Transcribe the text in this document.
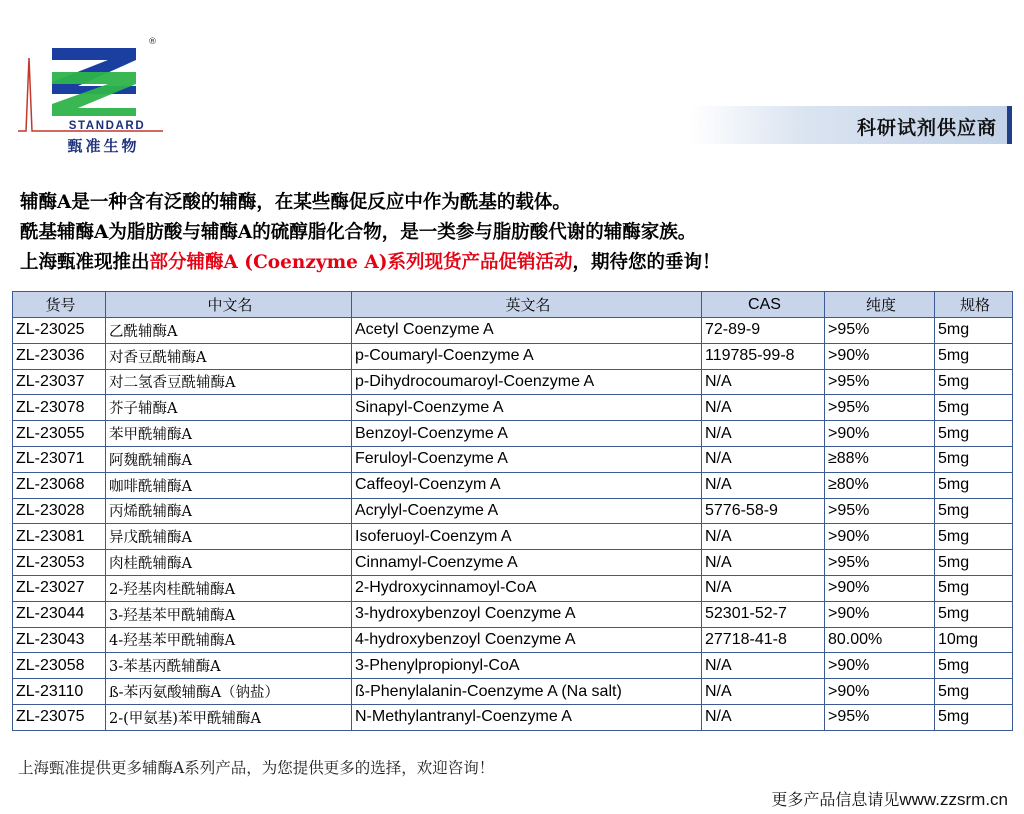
®
STANDARD
甄准生物
科研试剂供应商
辅酶A是一种含有泛酸的辅酶，在某些酶促反应中作为酰基的载体。
酰基辅酶A为脂肪酸与辅酶A的硫醇脂化合物，是一类参与脂肪酸代谢的辅酶家族。
上海甄准现推出部分辅酶A (Coenzyme A)系列现货产品促销活动，期待您的垂询！
货号	中文名	英文名	CAS	纯度	规格
ZL-23025	乙酰辅酶A	Acetyl Coenzyme A	72-89-9	>95%	5mg
ZL-23036	对香豆酰辅酶A	p-Coumaryl-Coenzyme A	119785-99-8	>90%	5mg
ZL-23037	对二氢香豆酰辅酶A	p-Dihydrocoumaroyl-Coenzyme A	N/A	>95%	5mg
ZL-23078	芥子辅酶A	Sinapyl-Coenzyme A	N/A	>95%	5mg
ZL-23055	苯甲酰辅酶A	Benzoyl-Coenzyme A	N/A	>90%	5mg
ZL-23071	阿魏酰辅酶A	Feruloyl-Coenzyme A	N/A	≥88%	5mg
ZL-23068	咖啡酰辅酶A	Caffeoyl-Coenzym A	N/A	≥80%	5mg
ZL-23028	丙烯酰辅酶A	Acrylyl-Coenzyme A	5776-58-9	>95%	5mg
ZL-23081	异戊酰辅酶A	Isoferuoyl-Coenzym A	N/A	>90%	5mg
ZL-23053	肉桂酰辅酶A	Cinnamyl-Coenzyme A	N/A	>95%	5mg
ZL-23027	2-羟基肉桂酰辅酶A	2-Hydroxycinnamoyl-CoA	N/A	>90%	5mg
ZL-23044	3-羟基苯甲酰辅酶A	3-hydroxybenzoyl Coenzyme A	52301-52-7	>90%	5mg
ZL-23043	4-羟基苯甲酰辅酶A	4-hydroxybenzoyl Coenzyme A	27718-41-8	80.00%	10mg
ZL-23058	3-苯基丙酰辅酶A	3-Phenylpropionyl-CoA	N/A	>90%	5mg
ZL-23110	ß-苯丙氨酸辅酶A（钠盐）	ß-Phenylalanin-Coenzyme A (Na salt)	N/A	>90%	5mg
ZL-23075	2-(甲氨基)苯甲酰辅酶A	N-Methylantranyl-Coenzyme A	N/A	>95%	5mg
上海甄准提供更多辅酶A系列产品，为您提供更多的选择，欢迎咨询！
更多产品信息请见www.zzsrm.cn
